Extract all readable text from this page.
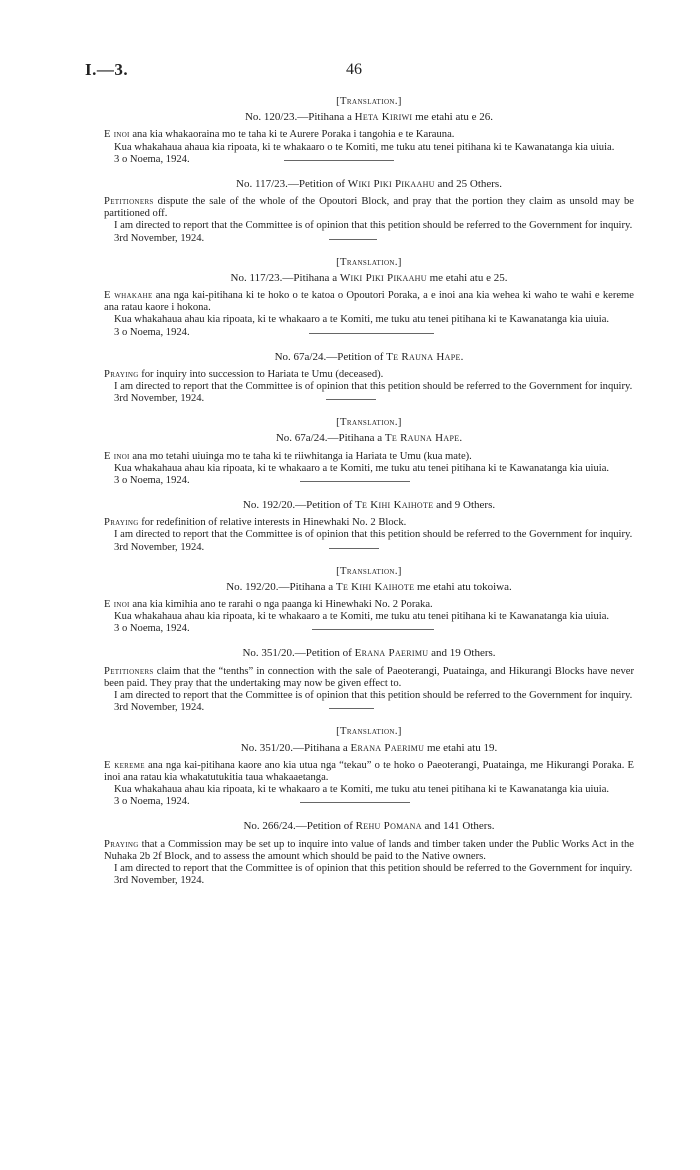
I.—3.	46
[Translation.]
No. 120/23.—Pitihana a Heta Kiriwi me etahi atu e 26.

E inoi ana kia whakaoraina mo te taha ki te Aurere Poraka i tangohia e te Karauna.

Kua whakahaua ahaua kia ripoata, ki te whakaaro o te Komiti, me tuku atu tenei pitihana ki te Kawanatanga kia uiuia.

3 o Noema, 1924.
No. 117/23.—Petition of Wiki Piki Pikaahu and 25 Others.

Petitioners dispute the sale of the whole of the Opoutori Block, and pray that the portion they claim as unsold may be partitioned off.

I am directed to report that the Committee is of opinion that this petition should be referred to the Government for inquiry.

3rd November, 1924.
[Translation.]
No. 117/23.—Pitihana a Wiki Piki Pikaahu me etahi atu e 25.

E whakahe ana nga kai-pitihana ki te hoko o te katoa o Opoutori Poraka, a e inoi ana kia wehea ki waho te wahi e kereme ana ratau kaore i hokona.

Kua whakahaua ahau kia ripoata, ki te whakaaro a te Komiti, me tuku atu tenei pitihana ki te Kawanatanga kia uiuia.

3 o Noema, 1924.
No. 67a/24.—Petition of Te Rauna Hape.

Praying for inquiry into succession to Hariata te Umu (deceased).

I am directed to report that the Committee is of opinion that this petition should be referred to the Government for inquiry.

3rd November, 1924.
[Translation.]
No. 67a/24.—Pitihana a Te Rauna Hape.

E inoi ana mo tetahi uiuinga mo te taha ki te riiwhitanga ia Hariata te Umu (kua mate).

Kua whakahaua ahau kia ripoata, ki te whakaaro a te Komiti, me tuku atu tenei pitihana ki te Kawanatanga kia uiuia.

3 o Noema, 1924.
No. 192/20.—Petition of Te Kihi Kaihote and 9 Others.

Praying for redefinition of relative interests in Hinewhaki No. 2 Block.

I am directed to report that the Committee is of opinion that this petition should be referred to the Government for inquiry.

3rd November, 1924.
[Translation.]
No. 192/20.—Pitihana a Te Kihi Kaihote me etahi atu tokoiwa.

E inoi ana kia kimihia ano te rarahi o nga paanga ki Hinewhaki No. 2 Poraka.

Kua whakahaua ahau kia ripoata, ki te whakaaro a te Komiti, me tuku atu tenei pitihana ki te Kawanatanga kia uiuia.

3 o Noema, 1924.
No. 351/20.—Petition of Erana Paerimu and 19 Others.

Petitioners claim that the “tenths” in connection with the sale of Paeoterangi, Puatainga, and Hikurangi Blocks have never been paid. They pray that the undertaking may now be given effect to.

I am directed to report that the Committee is of opinion that this petition should be referred to the Government for inquiry.

3rd November, 1924.
[Translation.]
No. 351/20.—Pitihana a Erana Paerimu me etahi atu 19.

E kereme ana nga kai-pitihana kaore ano kia utua nga “tekau” o te hoko o Paeoterangi, Puatainga, me Hikurangi Poraka. E inoi ana ratau kia whakatutukitia taua whakaaetanga.

Kua whakahaua ahau kia ripoata, ki te whakaaro a te Komiti, me tuku atu tenei pitihana ki te Kawanatanga kia uiuia.

3 o Noema, 1924.
No. 266/24.—Petition of Rehu Pomana and 141 Others.

Praying that a Commission may be set up to inquire into value of lands and timber taken under the Public Works Act in the Nuhaka 2b 2f Block, and to assess the amount which should be paid to the Native owners.

I am directed to report that the Committee is of opinion that this petition should be referred to the Government for inquiry.

3rd November, 1924.
